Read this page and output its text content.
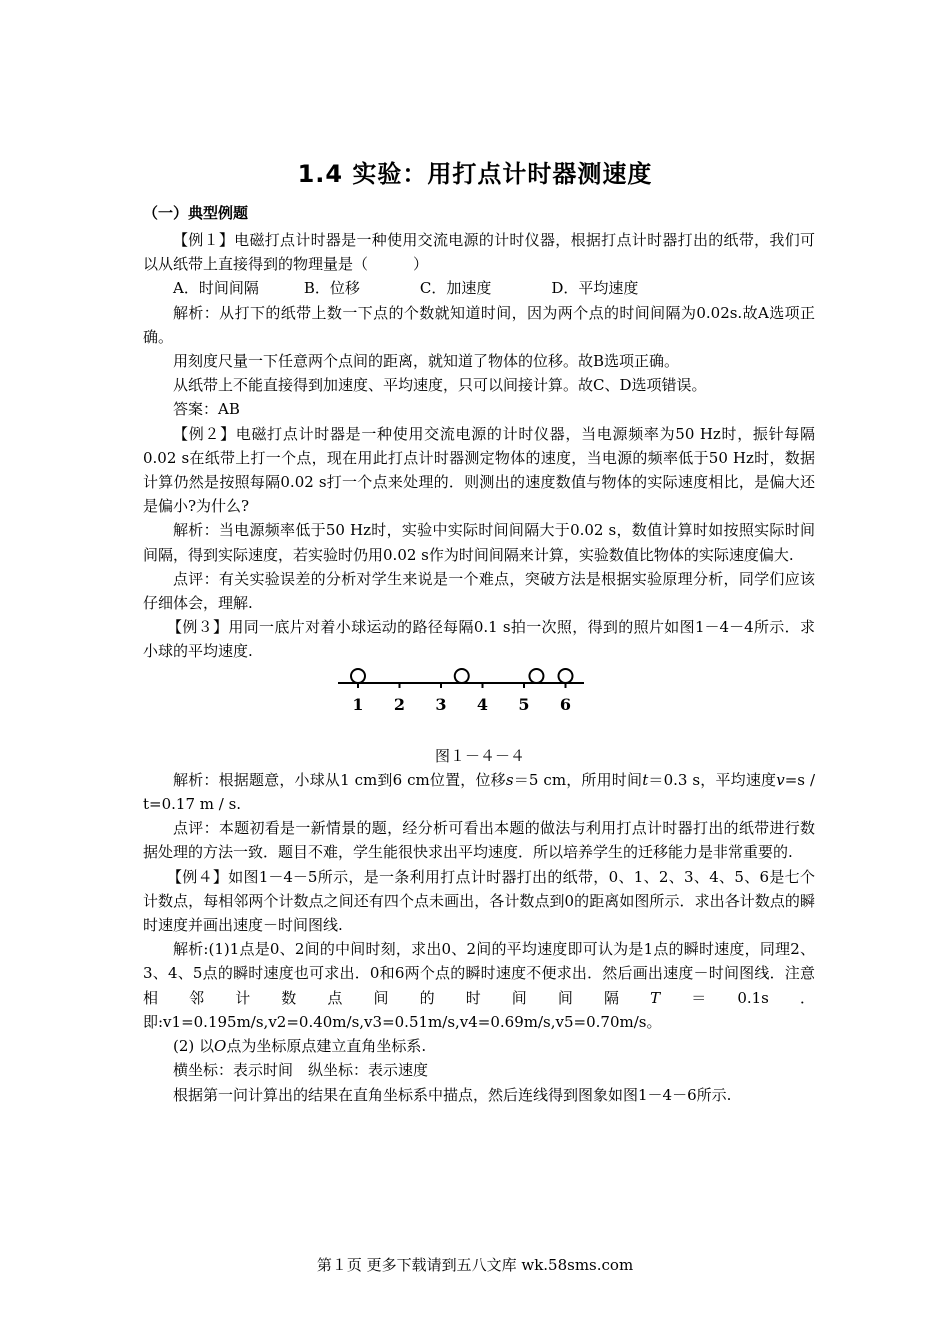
1.4 实验：用打点计时器测速度
（一）典型例题

【例１】电磁打点计时器是一种使用交流电源的计时仪器，根据打点计时器打出的纸带，我们可以从纸带上直接得到的物理量是（　　　）

A．时间间隔　　　B．位移　　　　C．加速度　　　　D．平均速度

解析：从打下的纸带上数一下点的个数就知道时间，因为两个点的时间间隔为0.02s.故A选项正确。

用刻度尺量一下任意两个点间的距离，就知道了物体的位移。故B选项正确。

从纸带上不能直接得到加速度、平均速度，只可以间接计算。故C、D选项错误。

答案：AB

【例２】电磁打点计时器是一种使用交流电源的计时仪器，当电源频率为50 Hz时，振针每隔0.02 s在纸带上打一个点，现在用此打点计时器测定物体的速度，当电源的频率低于50 Hz时，数据计算仍然是按照每隔0.02 s打一个点来处理的．则测出的速度数值与物体的实际速度相比，是偏大还是偏小?为什么?

解析：当电源频率低于50 Hz时，实验中实际时间间隔大于0.02 s，数值计算时如按照实际时间间隔，得到实际速度，若实验时仍用0.02 s作为时间间隔来计算，实验数值比物体的实际速度偏大.

点评：有关实验误差的分析对学生来说是一个难点，突破方法是根据实验原理分析，同学们应该仔细体会，理解.

【例３】用同一底片对着小球运动的路径每隔0.1 s拍一次照，得到的照片如图1－4－4所示．求小球的平均速度.

1 2 3 4 5 6

图１－４－４

解析：根据题意，小球从1 cm到6 cm位置，位移s＝5 cm，所用时间t＝0.3 s，平均速度v=s / t=0.17 m / s.

点评：本题初看是一新情景的题，经分析可看出本题的做法与利用打点计时器打出的纸带进行数据处理的方法一致．题目不难，学生能很快求出平均速度．所以培养学生的迁移能力是非常重要的.

【例４】如图1－4－5所示，是一条利用打点计时器打出的纸带，0、1、2、3、4、5、6是七个计数点，每相邻两个计数点之间还有四个点未画出，各计数点到0的距离如图所示．求出各计数点的瞬时速度并画出速度－时间图线.

解析:(1)1点是0、2间的中间时刻，求出0、2间的平均速度即可认为是1点的瞬时速度，同理2、3、4、5点的瞬时速度也可求出．0和6两个点的瞬时速度不便求出．然后画出速度－时间图线．注意相邻计数点间的时间间隔T＝0.1s．即:v1=0.195m/s,v2=0.40m/s,v3=0.51m/s,v4=0.69m/s,v5=0.70m/s。

(2) 以O点为坐标原点建立直角坐标系.

横坐标：表示时间　纵坐标：表示速度

根据第一问计算出的结果在直角坐标系中描点，然后连线得到图象如图1－4－6所示.

第１页 更多下载请到五八文库 wk.58sms.com
